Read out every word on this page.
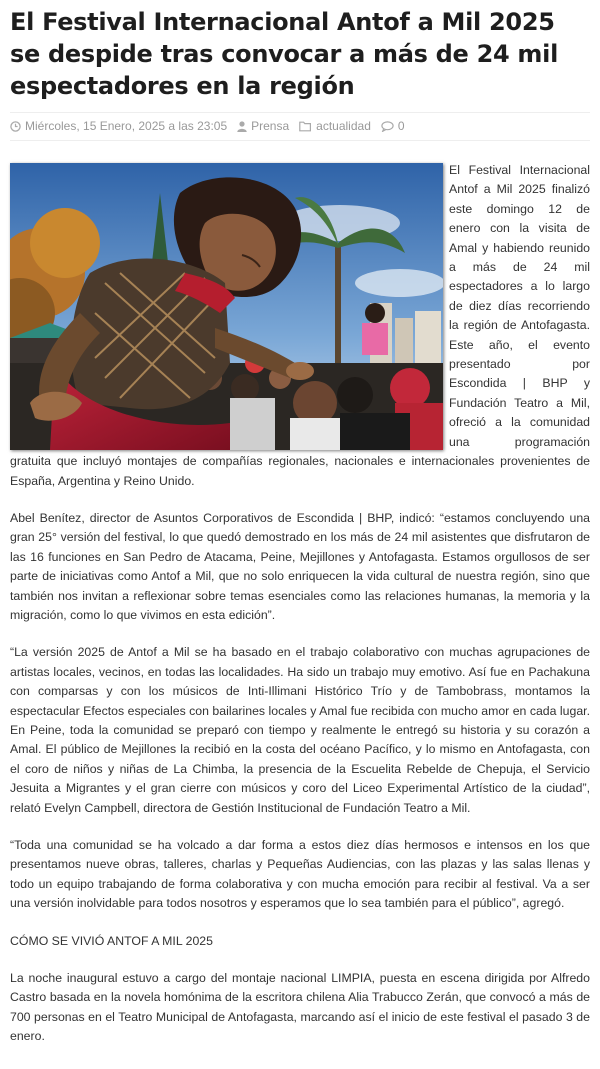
El Festival Internacional Antof a Mil 2025 se despide tras convocar a más de 24 mil espectadores en la región
Miércoles, 15 Enero, 2025 a las 23:05 Prensa actualidad 0

El Festival Internacional Antof a Mil 2025 finalizó este domingo 12 de enero con la visita de Amal y habiendo reunido a más de 24 mil espectadores a lo largo de diez días recorriendo la región de Antofagasta. Este año, el evento presentado por Escondida | BHP y Fundación Teatro a Mil, ofreció a la comunidad una programación gratuita que incluyó montajes de compañías regionales, nacionales e internacionales provenientes de España, Argentina y Reino Unido.

Abel Benítez, director de Asuntos Corporativos de Escondida | BHP, indicó: “estamos concluyendo una gran 25° versión del festival, lo que quedó demostrado en los más de 24 mil asistentes que disfrutaron de las 16 funciones en San Pedro de Atacama, Peine, Mejillones y Antofagasta. Estamos orgullosos de ser parte de iniciativas como Antof a Mil, que no solo enriquecen la vida cultural de nuestra región, sino que también nos invitan a reflexionar sobre temas esenciales como las relaciones humanas, la memoria y la migración, como lo que vivimos en esta edición”.

“La versión 2025 de Antof a Mil se ha basado en el trabajo colaborativo con muchas agrupaciones de artistas locales, vecinos, en todas las localidades. Ha sido un trabajo muy emotivo. Así fue en Pachakuna con comparsas y con los músicos de Inti-Illimani Histórico Trío y de Tambobrass, montamos la espectacular Efectos especiales con bailarines locales y Amal fue recibida con mucho amor en cada lugar. En Peine, toda la comunidad se preparó con tiempo y realmente le entregó su historia y su corazón a Amal. El público de Mejillones la recibió en la costa del océano Pacífico, y lo mismo en Antofagasta, con el coro de niños y niñas de La Chimba, la presencia de la Escuelita Rebelde de Chepuja, el Servicio Jesuita a Migrantes y el gran cierre con músicos y coro del Liceo Experimental Artístico de la ciudad”, relató Evelyn Campbell, directora de Gestión Institucional de Fundación Teatro a Mil.

“Toda una comunidad se ha volcado a dar forma a estos diez días hermosos e intensos en los que presentamos nueve obras, talleres, charlas y Pequeñas Audiencias, con las plazas y las salas llenas y todo un equipo trabajando de forma colaborativa y con mucha emoción para recibir al festival. Va a ser una versión inolvidable para todos nosotros y esperamos que lo sea también para el público”, agregó.

CÓMO SE VIVIÓ ANTOF A MIL 2025

La noche inaugural estuvo a cargo del montaje nacional LIMPIA, puesta en escena dirigida por Alfredo Castro basada en la novela homónima de la escritora chilena Alia Trabucco Zerán, que convocó a más de 700 personas en el Teatro Municipal de Antofagasta, marcando así el inicio de este festival el pasado 3 de enero.
